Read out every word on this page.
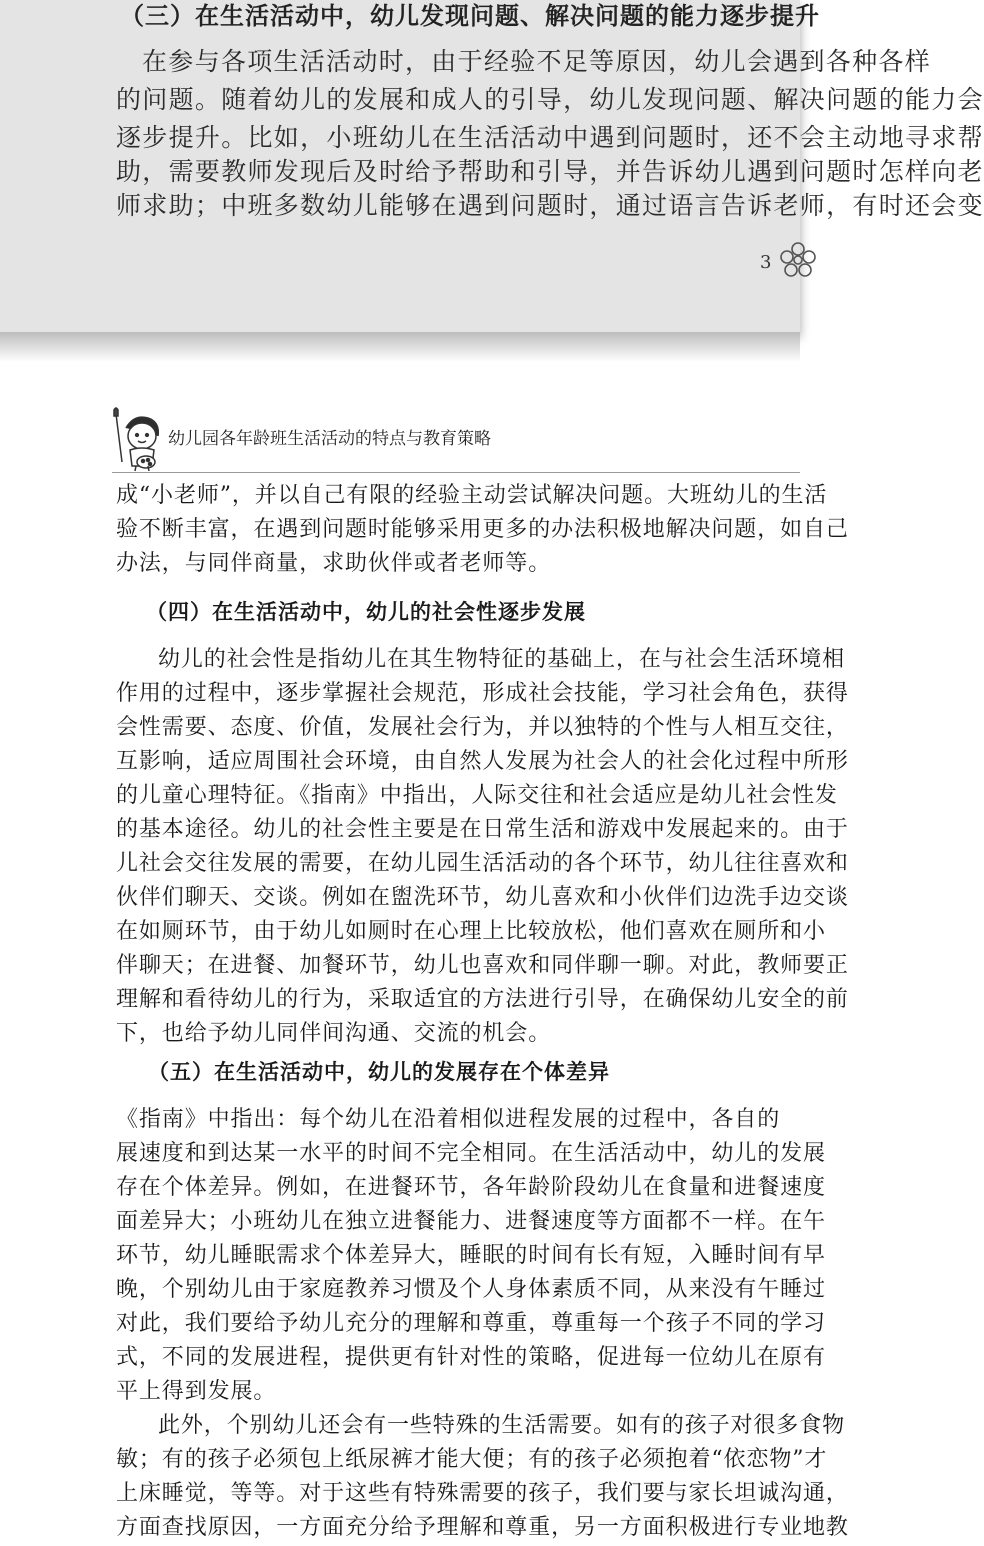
（三）在生活活动中，幼儿发现问题、解决问题的能力逐步提升
在参与各项生活活动时，由于经验不足等原因，幼儿会遇到各种各样
的问题。随着幼儿的发展和成人的引导，幼儿发现问题、解决问题的能力会
逐步提升。比如，小班幼儿在生活活动中遇到问题时，还不会主动地寻求帮
助，需要教师发现后及时给予帮助和引导，并告诉幼儿遇到问题时怎样向老
师求助；中班多数幼儿能够在遇到问题时，通过语言告诉老师，有时还会变
3
幼儿园各年龄班生活活动的特点与教育策略
成“小老师”，并以自己有限的经验主动尝试解决问题。大班幼儿的生活
验不断丰富，在遇到问题时能够采用更多的办法积极地解决问题，如自己
办法，与同伴商量，求助伙伴或者老师等。
（四）在生活活动中，幼儿的社会性逐步发展
幼儿的社会性是指幼儿在其生物特征的基础上，在与社会生活环境相
作用的过程中，逐步掌握社会规范，形成社会技能，学习社会角色，获得
会性需要、态度、价值，发展社会行为，并以独特的个性与人相互交往，
互影响，适应周围社会环境，由自然人发展为社会人的社会化过程中所形
的儿童心理特征。《指南》中指出，人际交往和社会适应是幼儿社会性发
的基本途径。幼儿的社会性主要是在日常生活和游戏中发展起来的。由于
儿社会交往发展的需要，在幼儿园生活活动的各个环节，幼儿往往喜欢和
伙伴们聊天、交谈。例如在盥洗环节，幼儿喜欢和小伙伴们边洗手边交谈
在如厕环节，由于幼儿如厕时在心理上比较放松，他们喜欢在厕所和小
伴聊天；在进餐、加餐环节，幼儿也喜欢和同伴聊一聊。对此，教师要正
理解和看待幼儿的行为，采取适宜的方法进行引导，在确保幼儿安全的前
下，也给予幼儿同伴间沟通、交流的机会。
（五）在生活活动中，幼儿的发展存在个体差异
《指南》中指出：每个幼儿在沿着相似进程发展的过程中，各自的
展速度和到达某一水平的时间不完全相同。在生活活动中，幼儿的发展
存在个体差异。例如，在进餐环节，各年龄阶段幼儿在食量和进餐速度
面差异大；小班幼儿在独立进餐能力、进餐速度等方面都不一样。在午
环节，幼儿睡眠需求个体差异大，睡眠的时间有长有短，入睡时间有早
晚，个别幼儿由于家庭教养习惯及个人身体素质不同，从来没有午睡过
对此，我们要给予幼儿充分的理解和尊重，尊重每一个孩子不同的学习
式，不同的发展进程，提供更有针对性的策略，促进每一位幼儿在原有
平上得到发展。
此外，个别幼儿还会有一些特殊的生活需要。如有的孩子对很多食物
敏；有的孩子必须包上纸尿裤才能大便；有的孩子必须抱着“依恋物”才
上床睡觉，等等。对于这些有特殊需要的孩子，我们要与家长坦诚沟通，
方面查找原因，一方面充分给予理解和尊重，另一方面积极进行专业地教
